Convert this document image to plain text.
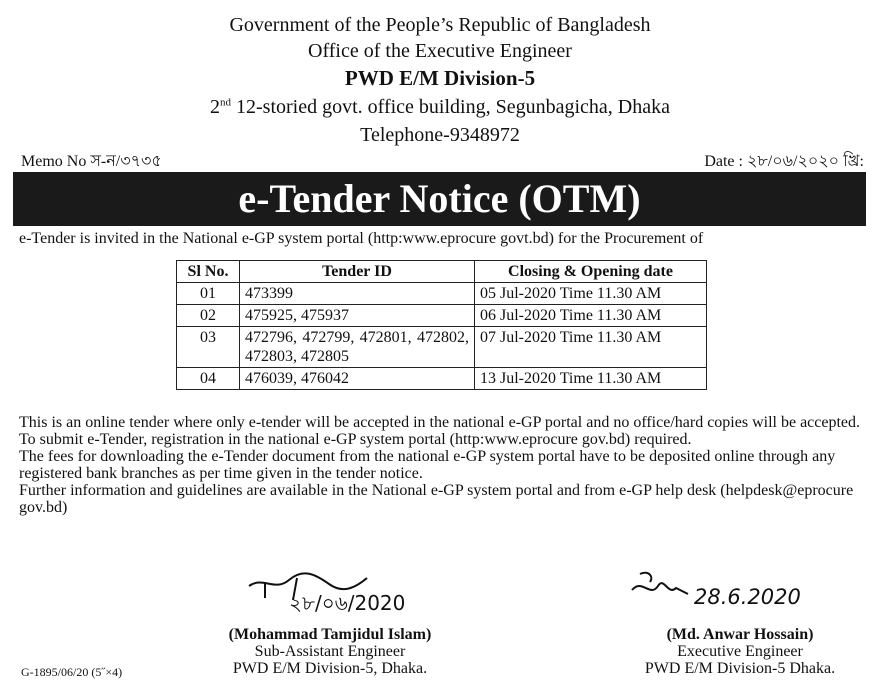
Government of the People’s Republic of Bangladesh
Office of the Executive Engineer
PWD E/M Division-5
2nd 12-storied govt. office building, Segunbagicha, Dhaka
Telephone-9348972
Memo No স-ন/৩৭৩৫	Date : ২৮/০৬/২০২০ খ্রি:
e-Tender Notice (OTM)
e-Tender is invited in the National e-GP system portal (http:www.eprocure govt.bd) for the Procurement of
Sl No.	Tender ID	Closing & Opening date
01	473399	05 Jul-2020 Time 11.30 AM
02	475925, 475937	06 Jul-2020 Time 11.30 AM
03	472796, 472799, 472801, 472802, 472803, 472805	07 Jul-2020 Time 11.30 AM
04	476039, 476042	13 Jul-2020 Time 11.30 AM

This is an online tender where only e-tender will be accepted in the national e-GP portal and no office/hard copies will be accepted.

To submit e-Tender, registration in the national e-GP system portal (http:www.eprocure gov.bd) required.

The fees for downloading the e-Tender document from the national e-GP system portal have to be deposited online through any registered bank branches as per time given in the tender notice.

Further information and guidelines are available in the National e-GP system portal and from e-GP help desk (helpdesk@eprocure gov.bd)

২৮/০৬/2020	28.6.2020
(Mohammad Tamjidul Islam)
Sub-Assistant Engineer
PWD E/M Division-5, Dhaka.
(Md. Anwar Hossain)
Executive Engineer
PWD E/M Division-5 Dhaka.
G-1895/06/20 (5˝×4)
